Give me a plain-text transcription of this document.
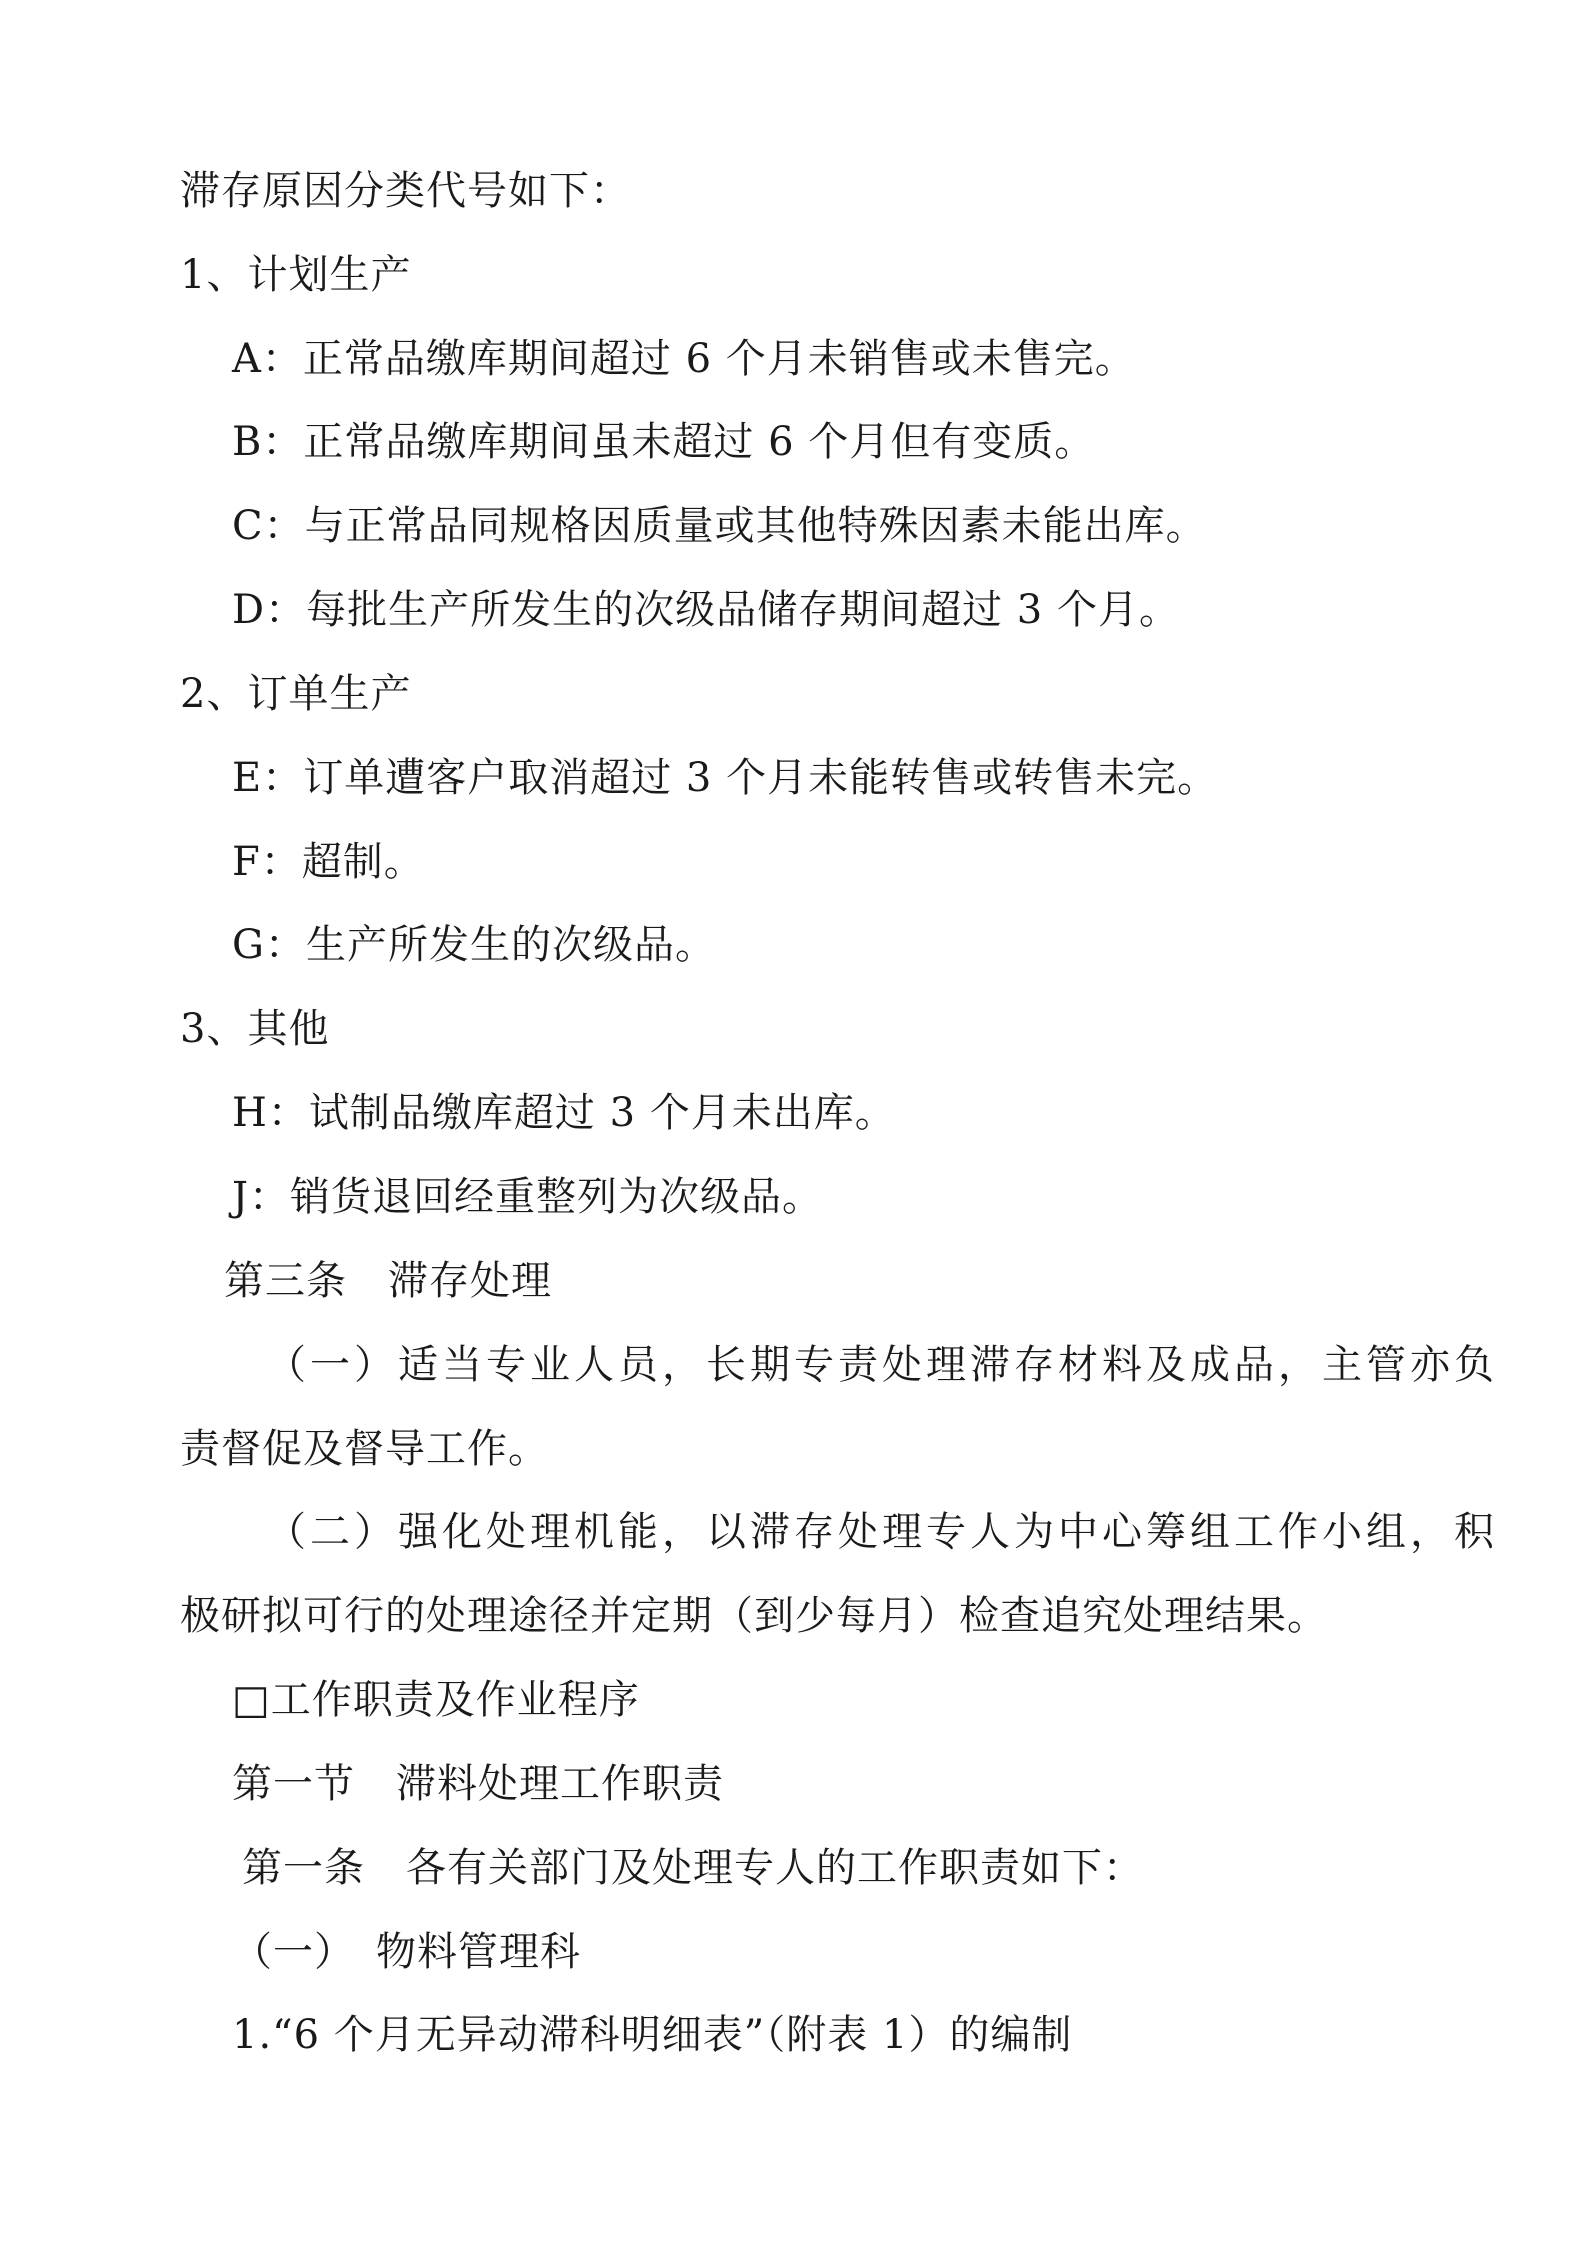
滞存原因分类代号如下：
1、计划生产
A：正常品缴库期间超过 6 个月未销售或未售完。
B：正常品缴库期间虽未超过 6 个月但有变质。
C：与正常品同规格因质量或其他特殊因素未能出库。
D：每批生产所发生的次级品储存期间超过 3 个月。
2、订单生产
E：订单遭客户取消超过 3 个月未能转售或转售未完。
F：超制。
G：生产所发生的次级品。
3、其他
H：试制品缴库超过 3 个月未出库。
J：销货退回经重整列为次级品。
第三条　滞存处理
（一）适当专业人员，长期专责处理滞存材料及成品，主管亦负
责督促及督导工作。
（二）强化处理机能，以滞存处理专人为中心筹组工作小组，积
极研拟可行的处理途径并定期（到少每月）检查追究处理结果。
□工作职责及作业程序
第一节　滞料处理工作职责
第一条　各有关部门及处理专人的工作职责如下：
（一）　物料管理科
1.“6 个月无异动滞科明细表”（附表 1）的编制
